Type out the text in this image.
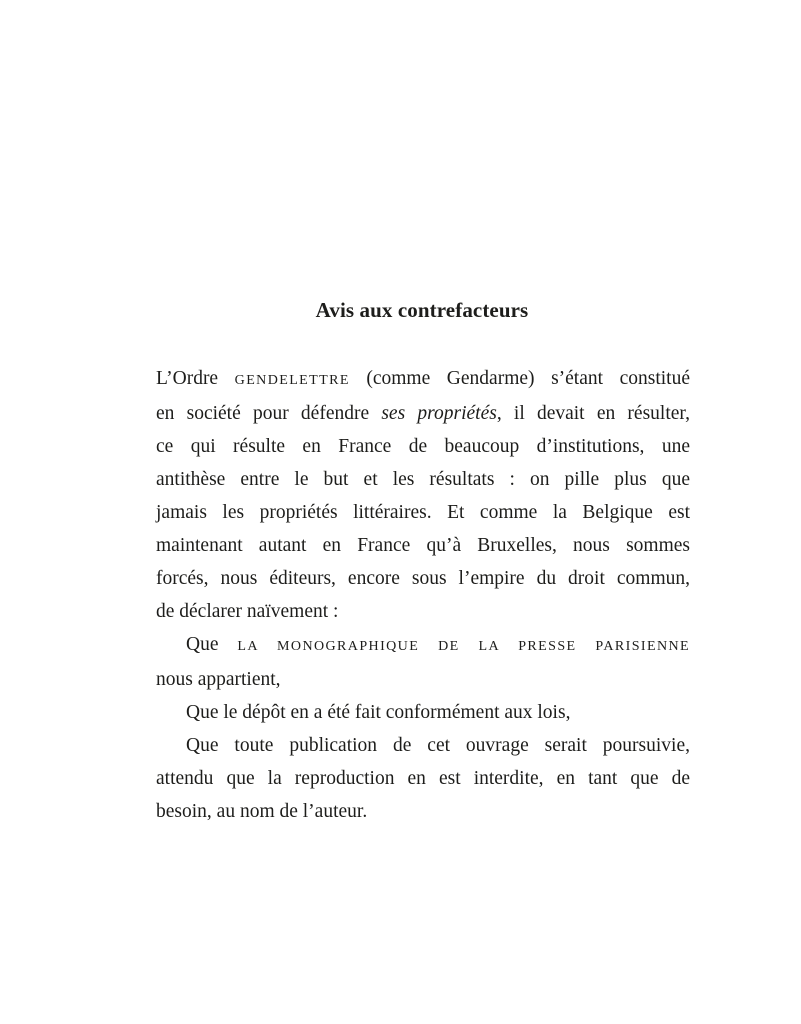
Avis aux contrefacteurs
L’Ordre GENDELETTRE (comme Gendarme) s’étant constitué
en société pour défendre ses propriétés, il devait en résulter,
ce qui résulte en France de beaucoup d’institutions, une
antithèse entre le but et les résultats : on pille plus que
jamais les propriétés littéraires. Et comme la Belgique est
maintenant autant en France qu’à Bruxelles, nous sommes
forcés, nous éditeurs, encore sous l’empire du droit commun,
de déclarer naïvement :
Que LA MONOGRAPHIQUE DE LA PRESSE PARISIENNE
nous appartient,
Que le dépôt en a été fait conformément aux lois,
Que toute publication de cet ouvrage serait poursuivie,
attendu que la reproduction en est interdite, en tant que de
besoin, au nom de l’auteur.
